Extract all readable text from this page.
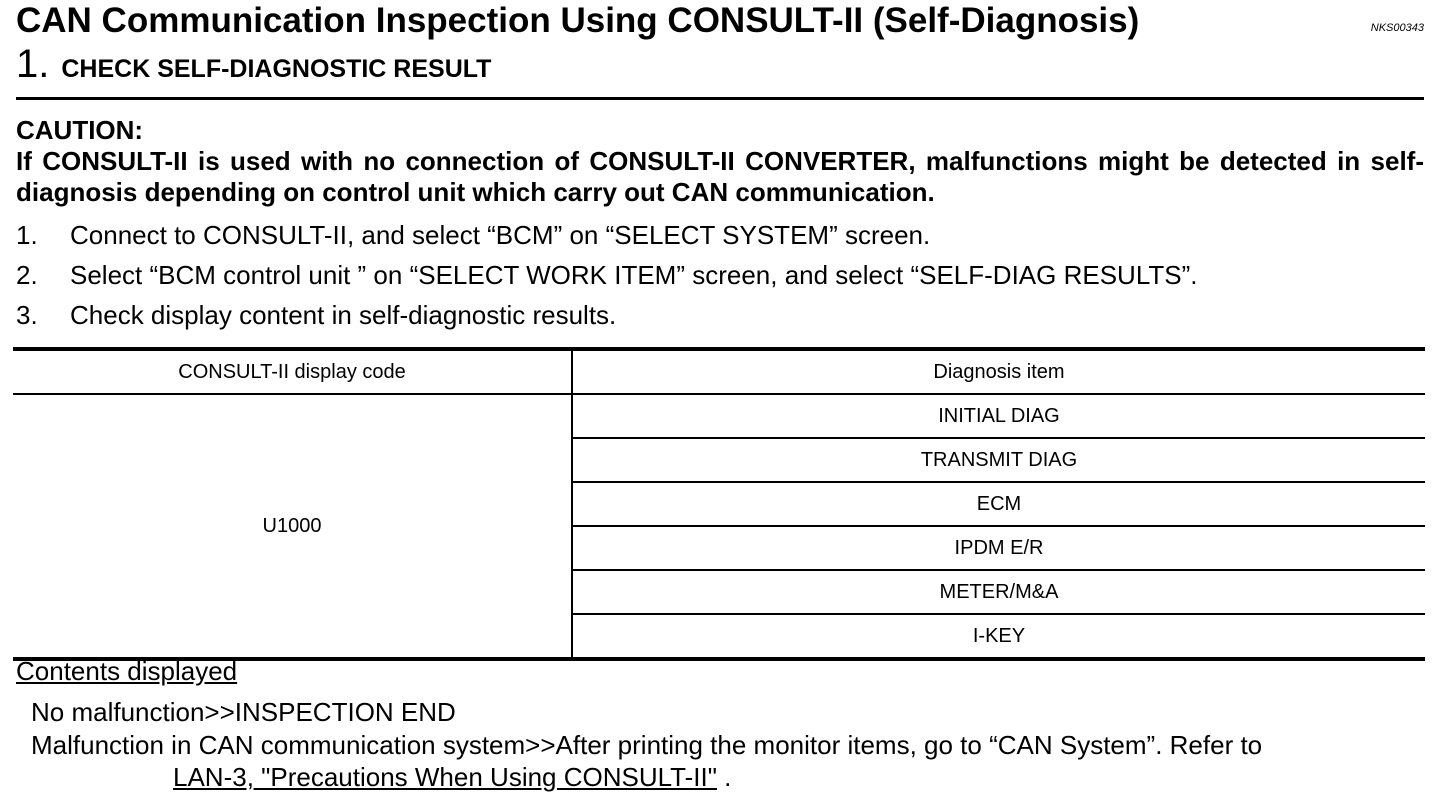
CAN Communication Inspection Using CONSULT-II (Self-Diagnosis)	NKS00343
1. CHECK SELF-DIAGNOSTIC RESULT
CAUTION:
If CONSULT-II is used with no connection of CONSULT-II CONVERTER, malfunctions might be detected in self-diagnosis depending on control unit which carry out CAN communication.
1. Connect to CONSULT-II, and select “BCM” on “SELECT SYSTEM” screen.
2. Select “BCM control unit ” on “SELECT WORK ITEM” screen, and select “SELF-DIAG RESULTS”.
3. Check display content in self-diagnostic results.
CONSULT-II display code	Diagnosis item
U1000	INITIAL DIAG
	TRANSMIT DIAG
	ECM
	IPDM E/R
	METER/M&A
	I-KEY
Contents displayed
No malfunction>>INSPECTION END
Malfunction in CAN communication system>>After printing the monitor items, go to “CAN System”. Refer to
LAN-3, "Precautions When Using CONSULT-II" .
